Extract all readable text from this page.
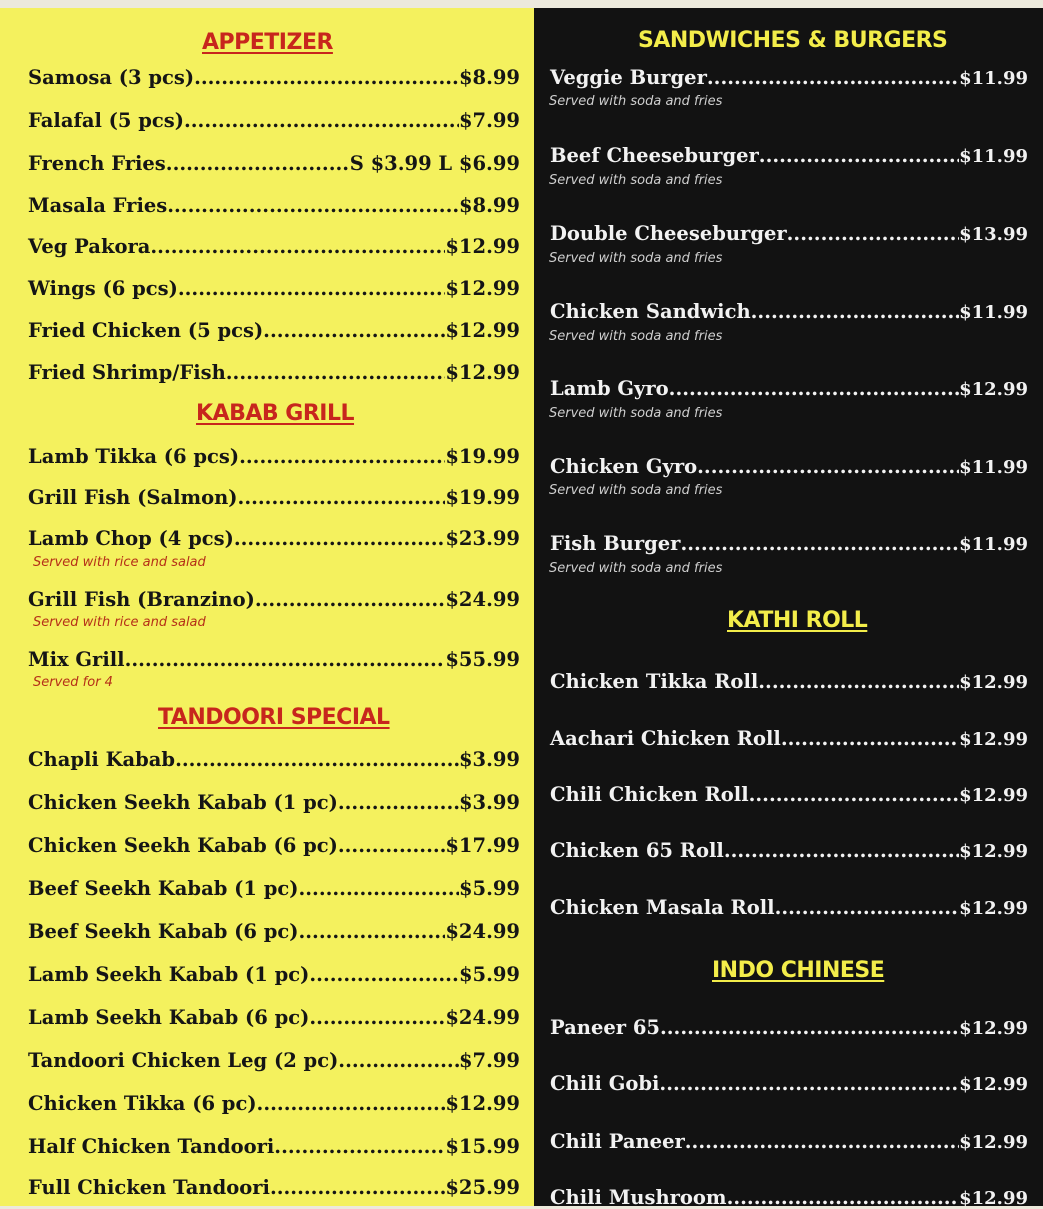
APPETIZER
Samosa (3 pcs) .....	$8.99
Falafal (5 pcs) .....	$7.99
French Fries .....	S $3.99 L $6.99
Masala Fries .....	$8.99
Veg Pakora .....	$12.99
Wings (6 pcs) .....	$12.99
Fried Chicken (5 pcs) .....	$12.99
Fried Shrimp/Fish .....	$12.99
KABAB GRILL
Lamb Tikka (6 pcs) .....	$19.99
Grill Fish (Salmon) .....	$19.99
Lamb Chop (4 pcs) .....	$23.99
Served with rice and salad
Grill Fish (Branzino) .....	$24.99
Served with rice and salad
Mix Grill .....	$55.99
Served for 4
TANDOORI SPECIAL
Chapli Kabab .....	$3.99
Chicken Seekh Kabab (1 pc) .....	$3.99
Chicken Seekh Kabab (6 pc) .....	$17.99
Beef Seekh Kabab (1 pc) .....	$5.99
Beef Seekh Kabab (6 pc) .....	$24.99
Lamb Seekh Kabab (1 pc) .....	$5.99
Lamb Seekh Kabab (6 pc) .....	$24.99
Tandoori Chicken Leg (2 pc) .....	$7.99
Chicken Tikka (6 pc) .....	$12.99
Half Chicken Tandoori .....	$15.99
Full Chicken Tandoori .....	$25.99
SANDWICHES & BURGERS
Veggie Burger .....	$11.99
Served with soda and fries
Beef Cheeseburger .....	$11.99
Served with soda and fries
Double Cheeseburger .....	$13.99
Served with soda and fries
Chicken Sandwich .....	$11.99
Served with soda and fries
Lamb Gyro .....	$12.99
Served with soda and fries
Chicken Gyro .....	$11.99
Served with soda and fries
Fish Burger .....	$11.99
Served with soda and fries
KATHI ROLL
Chicken Tikka Roll .....	$12.99
Aachari Chicken Roll .....	$12.99
Chili Chicken Roll .....	$12.99
Chicken 65 Roll .....	$12.99
Chicken Masala Roll .....	$12.99
INDO CHINESE
Paneer 65 .....	$12.99
Chili Gobi .....	$12.99
Chili Paneer .....	$12.99
Chili Mushroom .....	$12.99
